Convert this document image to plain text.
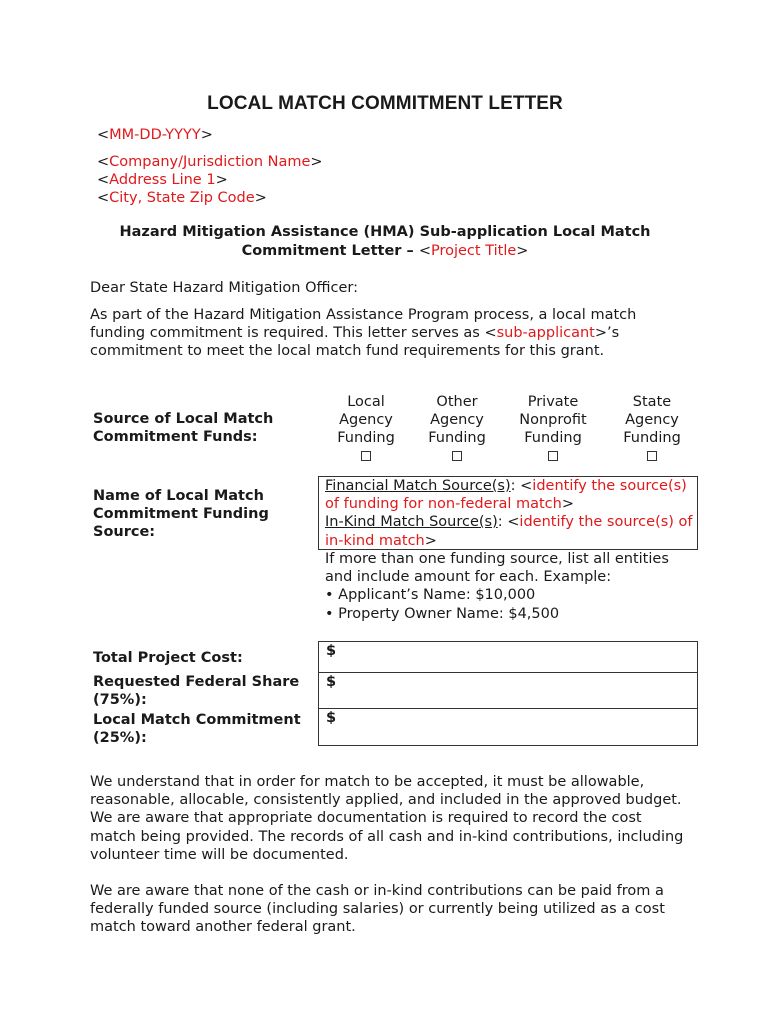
LOCAL MATCH COMMITMENT LETTER
<MM-DD-YYYY>
<Company/Jurisdiction Name>
<Address Line 1>
<City, State Zip Code>
Hazard Mitigation Assistance (HMA) Sub-application Local Match Commitment Letter – <Project Title>
Dear State Hazard Mitigation Officer:
As part of the Hazard Mitigation Assistance Program process, a local match funding commitment is required. This letter serves as <sub-applicant>’s commitment to meet the local match fund requirements for this grant.
Source of Local Match Commitment Funds:
Local
Agency
Funding
Other
Agency
Funding
Private
Nonprofit
Funding
State
Agency
Funding
Name of Local Match Commitment Funding Source:
Financial Match Source(s): <identify the source(s) of funding for non-federal match>
In-Kind Match Source(s): <identify the source(s) of in-kind match>
If more than one funding source, list all entities and include amount for each. Example:
• Applicant’s Name: $10,000
• Property Owner Name: $4,500
Total Project Cost:	$
Requested Federal Share (75%):
$
Local Match Commitment (25%):
$
We understand that in order for match to be accepted, it must be allowable, reasonable, allocable, consistently applied, and included in the approved budget. We are aware that appropriate documentation is required to record the cost match being provided. The records of all cash and in-kind contributions, including volunteer time will be documented.
We are aware that none of the cash or in-kind contributions can be paid from a federally funded source (including salaries) or currently being utilized as a cost match toward another federal grant.
